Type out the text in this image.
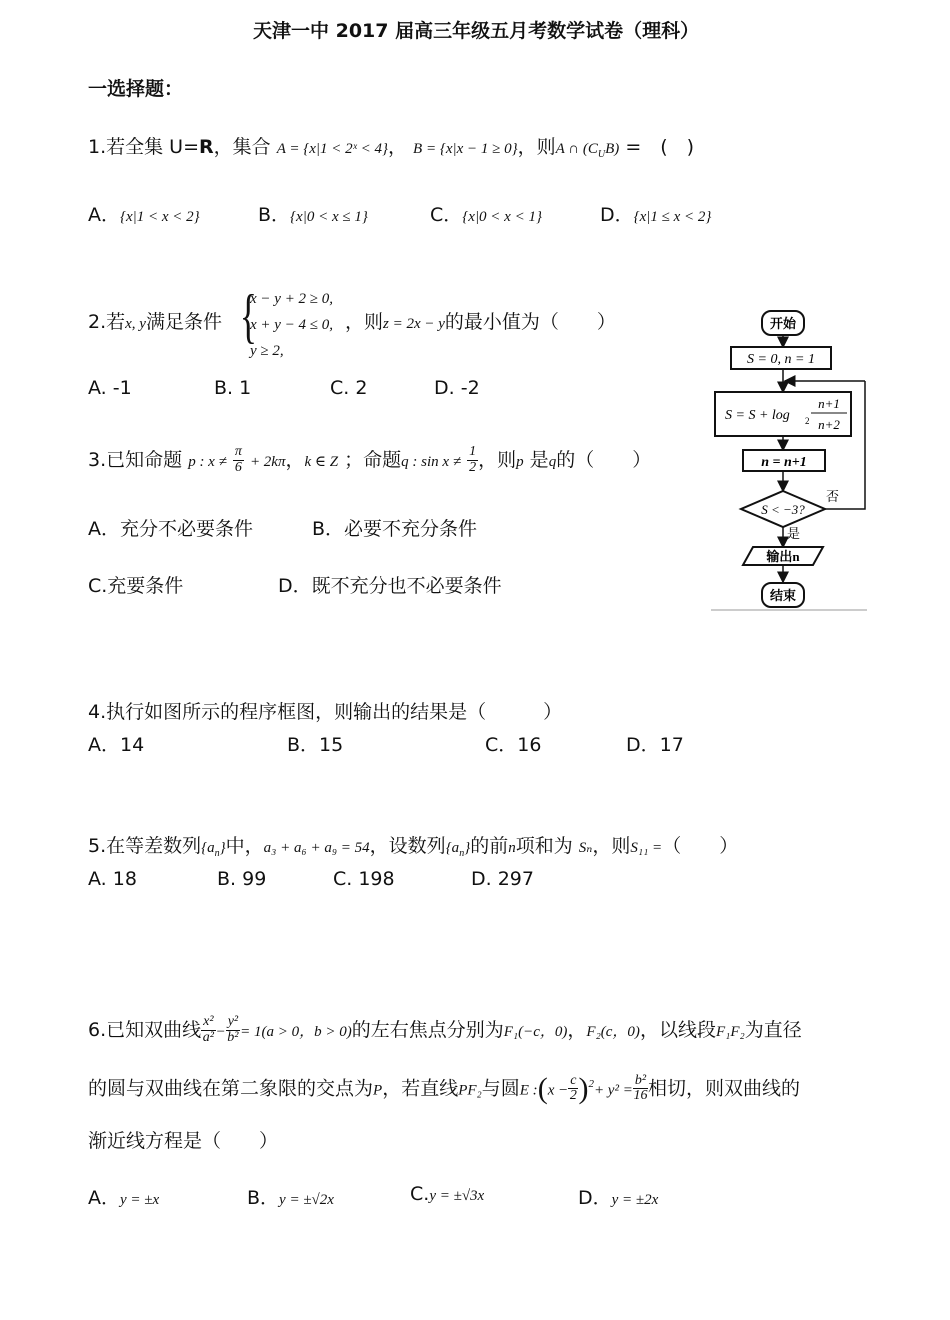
天津一中 2017 届高三年级五月考数学试卷（理科）
一选择题：
1.若全集 U=R，集合 A = {x|1 < 2ˣ < 4}， B = {x|x − 1 ≥ 0}，则A ∩ $(C_UB)$ =　(　)
A．{x|1 < x < 2}	B．{x|0 < x ≤ 1}	C．{x|0 < x < 1}	D．{x|1 ≤ x < 2}
2.若x, y满足条件 {
x − y + 2 ≥ 0,
x + y − 4 ≤ 0,
y ≥ 2,
，则z = 2x − y的最小值为（　　）
A. -1	B. 1	C. 2	D. -2
3.已知命题 p : $x \ne \frac{\pi}{6} + 2k\pi$，k ∈ Z ；命题q : $\sin x \ne \frac{1}{2}$ ，则p 是q的（　　）
A．充分不必要条件	B．必要不充分条件
C.充要条件	D．既不充分也不必要条件
开始
S = 0, n = 1
S = S + log 2
n+1
n+2
n = n+1
S < −3?
否
是
输出n
结束
4.执行如图所示的程序框图，则输出的结果是（　　　）
A．14	B．15	C．16	D．17
5.在等差数列$\{a_n\}$中，a₃ + a₆ + a₉ = 54，设数列$\{a_n\}$的前n项和为 Sₙ，则S₁₁ =（　　）
A. 18	B. 99	C. 198	D. 297
6.已知双曲线 $\frac{\text{x²}}{\text{a²}} - \frac{\text{y²}}{\text{b²}} = 1(a > 0$，b > 0)的左右焦点分别为F₁(−c，0)，F₂(c，0)，以线段F₁F₂为直径
的圆与双曲线在第二象限的交点为P，若直线PF₂与圆E :(x − $\frac{c}{2} )^2+ y^2 = \frac{\text{b²}}{16}$ 相切，则双曲线的
渐近线方程是（　　）
A．y = ±x	B．y = ±√2x	C.y = ±√3x	D．y = ±2x
